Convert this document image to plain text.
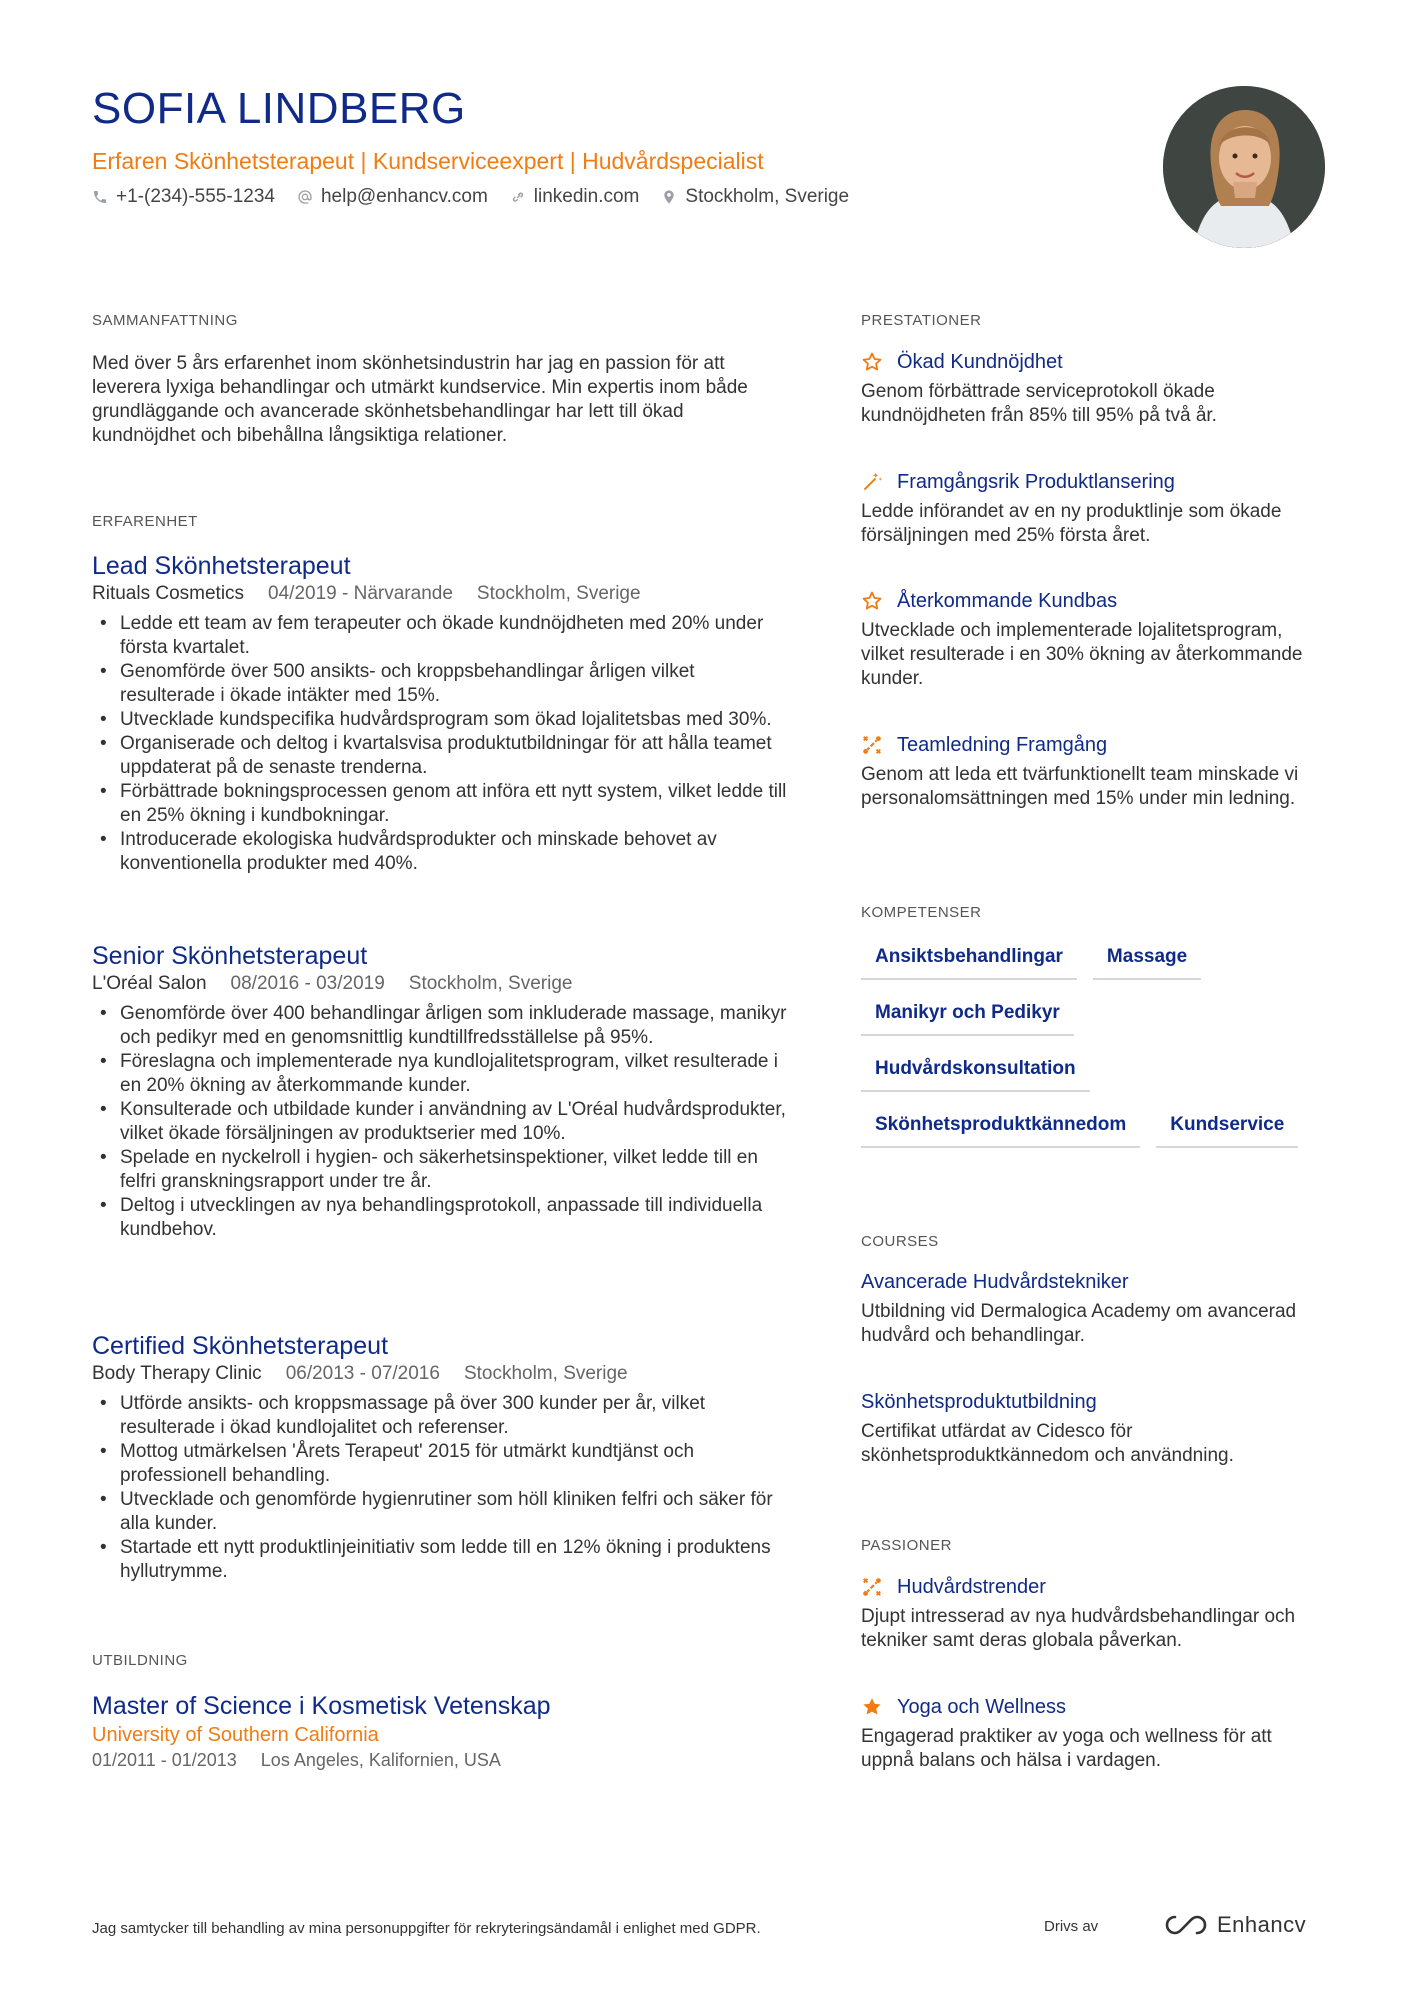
SOFIA LINDBERG
Erfaren Skönhetsterapeut | Kundserviceexpert | Hudvårdspecialist
+1-(234)-555-1234 help@enhancv.com linkedin.com Stockholm, Sverige
SAMMANFATTNING

Med över 5 års erfarenhet inom skönhetsindustrin har jag en passion för att leverera lyxiga behandlingar och utmärkt kundservice. Min expertis inom både grundläggande och avancerade skönhetsbehandlingar har lett till ökad kundnöjdhet och bibehållna långsiktiga relationer.

ERFARENHET
Lead Skönhetsterapeut
Rituals Cosmetics 04/2019 - Närvarande Stockholm, Sverige
• Ledde ett team av fem terapeuter och ökade kundnöjdheten med 20% under första kvartalet.
• Genomförde över 500 ansikts- och kroppsbehandlingar årligen vilket resulterade i ökade intäkter med 15%.
• Utvecklade kundspecifika hudvårdsprogram som ökad lojalitetsbas med 30%.
• Organiserade och deltog i kvartalsvisa produktutbildningar för att hålla teamet uppdaterat på de senaste trenderna.
• Förbättrade bokningsprocessen genom att införa ett nytt system, vilket ledde till en 25% ökning i kundbokningar.
• Introducerade ekologiska hudvårdsprodukter och minskade behovet av konventionella produkter med 40%.
Senior Skönhetsterapeut
L'Oréal Salon 08/2016 - 03/2019 Stockholm, Sverige
• Genomförde över 400 behandlingar årligen som inkluderade massage, manikyr och pedikyr med en genomsnittlig kundtillfredsställelse på 95%.
• Föreslagna och implementerade nya kundlojalitetsprogram, vilket resulterade i en 20% ökning av återkommande kunder.
• Konsulterade och utbildade kunder i användning av L'Oréal hudvårdsprodukter, vilket ökade försäljningen av produktserier med 10%.
• Spelade en nyckelroll i hygien- och säkerhetsinspektioner, vilket ledde till en felfri granskningsrapport under tre år.
• Deltog i utvecklingen av nya behandlingsprotokoll, anpassade till individuella kundbehov.
Certified Skönhetsterapeut
Body Therapy Clinic 06/2013 - 07/2016 Stockholm, Sverige
• Utförde ansikts- och kroppsmassage på över 300 kunder per år, vilket resulterade i ökad kundlojalitet och referenser.
• Mottog utmärkelsen 'Årets Terapeut' 2015 för utmärkt kundtjänst och professionell behandling.
• Utvecklade och genomförde hygienrutiner som höll kliniken felfri och säker för alla kunder.
• Startade ett nytt produktlinjeinitiativ som ledde till en 12% ökning i produktens hyllutrymme.
UTBILDNING
Master of Science i Kosmetisk Vetenskap
University of Southern California
01/2011 - 01/2013 Los Angeles, Kalifornien, USA
PRESTATIONER
Ökad Kundnöjdhet
Genom förbättrade serviceprotokoll ökade kundnöjdheten från 85% till 95% på två år.
Framgångsrik Produktlansering
Ledde införandet av en ny produktlinje som ökade försäljningen med 25% första året.
Återkommande Kundbas
Utvecklade och implementerade lojalitetsprogram, vilket resulterade i en 30% ökning av återkommande kunder.
Teamledning Framgång
Genom att leda ett tvärfunktionellt team minskade vi personalomsättningen med 15% under min ledning.
KOMPETENSER
Ansiktsbehandlingar	Massage
Manikyr och Pedikyr
Hudvårdskonsultation
Skönhetsproduktkännedom	Kundservice
COURSES
Avancerade Hudvårdstekniker
Utbildning vid Dermalogica Academy om avancerad hudvård och behandlingar.
Skönhetsproduktutbildning
Certifikat utfärdat av Cidesco för skönhetsproduktkännedom och användning.
PASSIONER
Hudvårdstrender
Djupt intresserad av nya hudvårdsbehandlingar och tekniker samt deras globala påverkan.
Yoga och Wellness
Engagerad praktiker av yoga och wellness för att uppnå balans och hälsa i vardagen.
Jag samtycker till behandling av mina personuppgifter för rekryteringsändamål i enlighet med GDPR.	Drivs av	Enhancv
